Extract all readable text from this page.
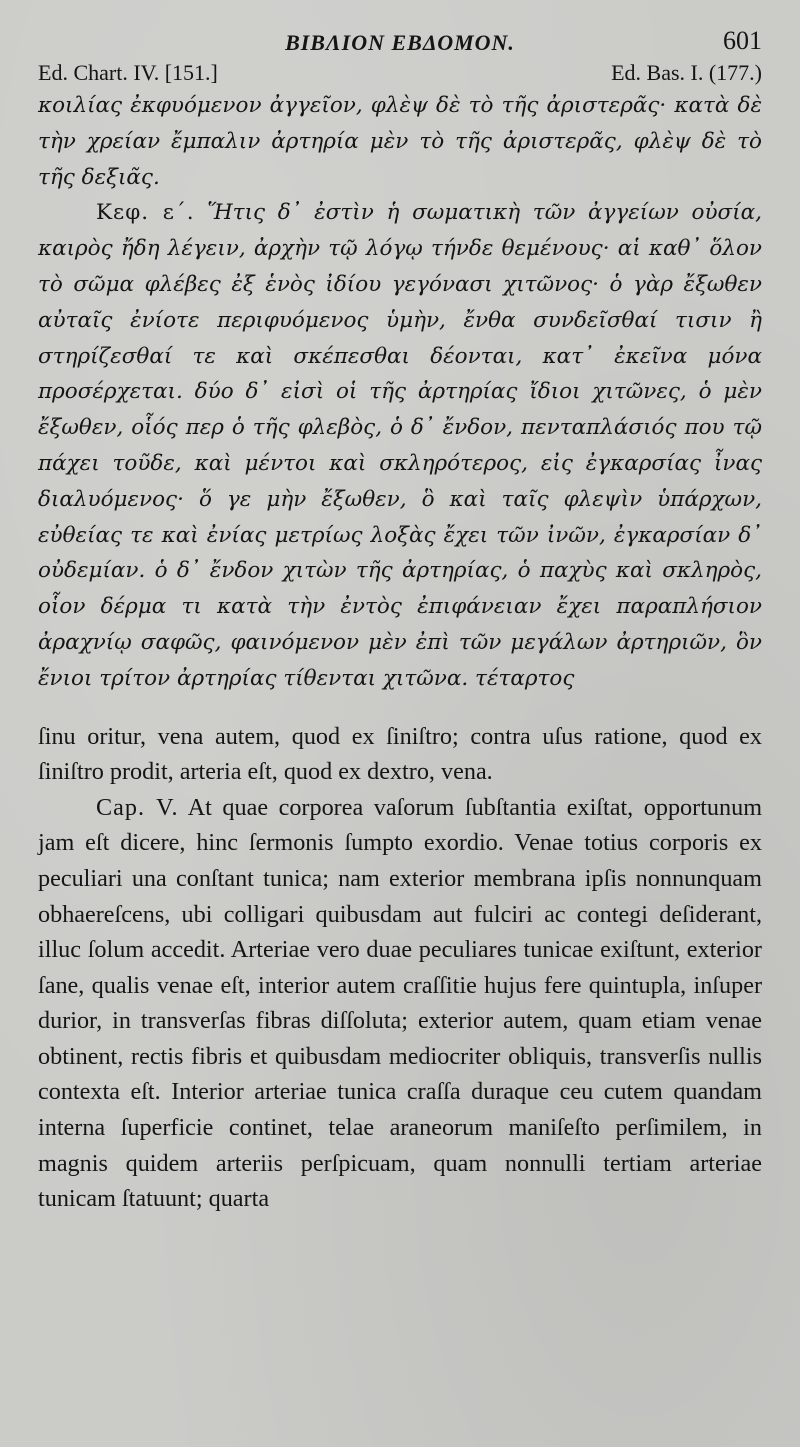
ΒΙΒΛΙΟΝ ΕΒΔΟΜΟΝ.	601
Ed. Chart. IV. [151.]	Ed. Bas. I. (177.)

κοιλίας ἐκφυόμενον ἀγγεῖον, φλὲψ δὲ τὸ τῆς ἀριστερᾶς· κατὰ δὲ τὴν χρείαν ἔμπαλιν ἀρτηρία μὲν τὸ τῆς ἀριστερᾶς, φλὲψ δὲ τὸ τῆς δεξιᾶς.

Κεφ. ε΄. Ἥτις δ᾽ ἐστὶν ἡ σωματικὴ τῶν ἀγγείων οὐσία, καιρὸς ἤδη λέγειν, ἀρχὴν τῷ λόγῳ τήνδε θεμένους· αἱ καθ᾽ ὅλον τὸ σῶμα φλέβες ἐξ ἑνὸς ἰδίου γεγόνασι χιτῶνος· ὁ γὰρ ἔξωθεν αὐταῖς ἐνίοτε περιφυόμενος ὑμὴν, ἔνθα συνδεῖσθαί τισιν ἢ στηρίζεσθαί τε καὶ σκέπεσθαι δέονται, κατ᾽ ἐκεῖνα μόνα προσέρχεται. δύο δ᾽ εἰσὶ οἱ τῆς ἀρτηρίας ἴδιοι χιτῶνες, ὁ μὲν ἔξωθεν, οἷός περ ὁ τῆς φλεβὸς, ὁ δ᾽ ἔνδον, πενταπλάσιός που τῷ πάχει τοῦδε, καὶ μέντοι καὶ σκληρότερος, εἰς ἐγκαρσίας ἶνας διαλυόμενος· ὅ γε μὴν ἔξωθεν, ὃ καὶ ταῖς φλεψὶν ὑπάρχων, εὐθείας τε καὶ ἐνίας μετρίως λοξὰς ἔχει τῶν ἰνῶν, ἐγκαρσίαν δ᾽ οὐδεμίαν. ὁ δ᾽ ἔνδον χιτὼν τῆς ἀρτηρίας, ὁ παχὺς καὶ σκληρὸς, οἷον δέρμα τι κατὰ τὴν ἐντὸς ἐπιφάνειαν ἔχει παραπλήσιον ἀραχνίῳ σαφῶς, φαινόμενον μὲν ἐπὶ τῶν μεγάλων ἀρτηριῶν, ὃν ἔνιοι τρίτον ἀρτηρίας τίθενται χιτῶνα. τέταρτος

ſinu oritur, vena autem, quod ex ſiniſtro; contra uſus ratione, quod ex ſiniſtro prodit, arteria eſt, quod ex dextro, vena.

Cap. V. At quae corporea vaſorum ſubſtantia exiſtat, opportunum jam eſt dicere, hinc ſermonis ſumpto exordio. Venae totius corporis ex peculiari una conſtant tunica; nam exterior membrana ipſis nonnunquam obhaereſcens, ubi colligari quibusdam aut fulciri ac contegi deſiderant, illuc ſolum accedit. Arteriae vero duae peculiares tunicae exiſtunt, exterior ſane, qualis venae eſt, interior autem craſſitie hujus fere quintupla, inſuper durior, in transverſas fibras diſſoluta; exterior autem, quam etiam venae obtinent, rectis fibris et quibusdam mediocriter obliquis, transverſis nullis contexta eſt. Interior arteriae tunica craſſa duraque ceu cutem quandam interna ſuperficie continet, telae araneorum maniſeſto perſimilem, in magnis quidem arteriis perſpicuam, quam nonnulli tertiam arteriae tunicam ſtatuunt; quarta
